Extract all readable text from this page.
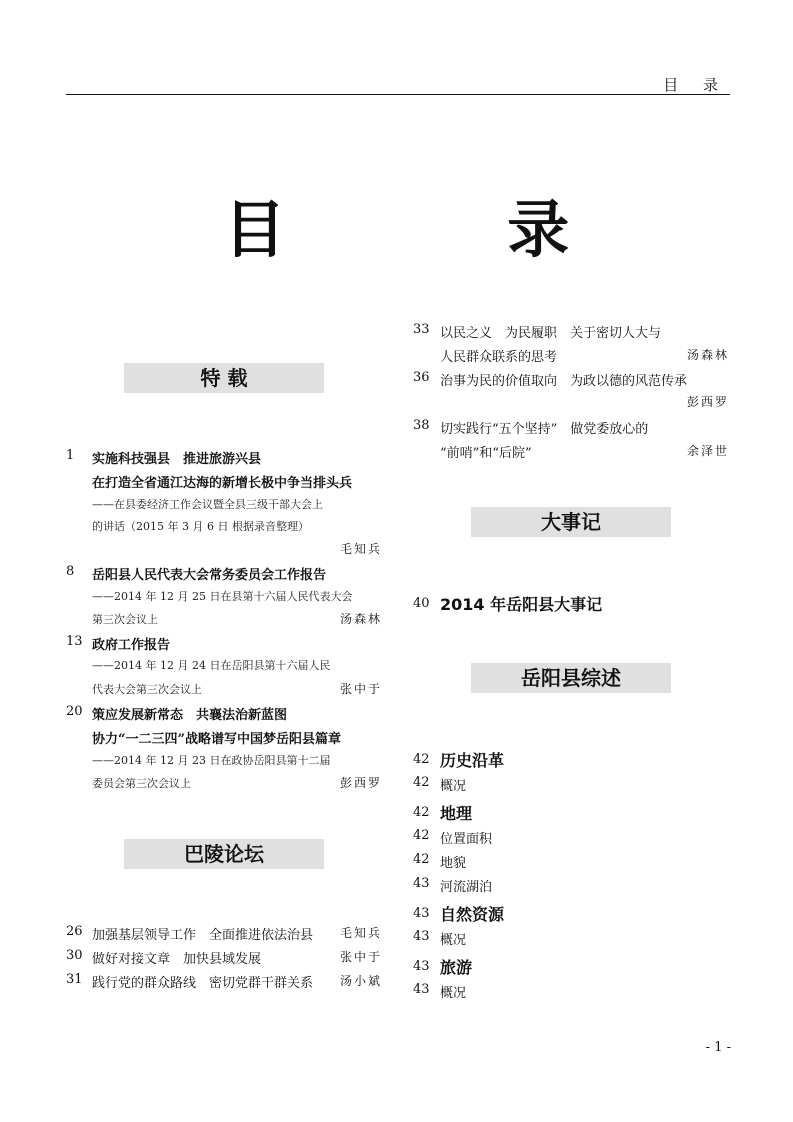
目 录
目 录
特 载
1 实施科技强县　推进旅游兴县
在打造全省通江达海的新增长极中争当排头兵
——在县委经济工作会议暨全县三级干部大会上
的讲话（2015 年 3 月 6 日 根据录音整理）
毛知兵
8 岳阳县人民代表大会常务委员会工作报告
——2014 年 12 月 25 日在县第十六届人民代表大会
第三次会议上	汤森林
13 政府工作报告
——2014 年 12 月 24 日在岳阳县第十六届人民
代表大会第三次会议上	张中于
20 策应发展新常态　共襄法治新蓝图
协力“一二三四”战略谱写中国梦岳阳县篇章
——2014 年 12 月 23 日在政协岳阳县第十二届
委员会第三次会议上	彭西罗
巴陵论坛
26 加强基层领导工作　全面推进依法治县 毛知兵
30 做好对接文章　加快县域发展	张中于
31 践行党的群众路线　密切党群干群关系 汤小斌
33 以民之义　为民履职　关于密切人大与
人民群众联系的思考	汤森林
36 治事为民的价值取向　为政以德的风范传承
彭西罗
38 切实践行“五个坚持”　做党委放心的
“前哨”和“后院”	余泽世
大事记
40 2014 年岳阳县大事记
岳阳县综述
42 历史沿革
42 概况
42 地理
42 位置面积
42 地貌
43 河流湖泊
43 自然资源
43 概况
43 旅游
43 概况
- 1 -
